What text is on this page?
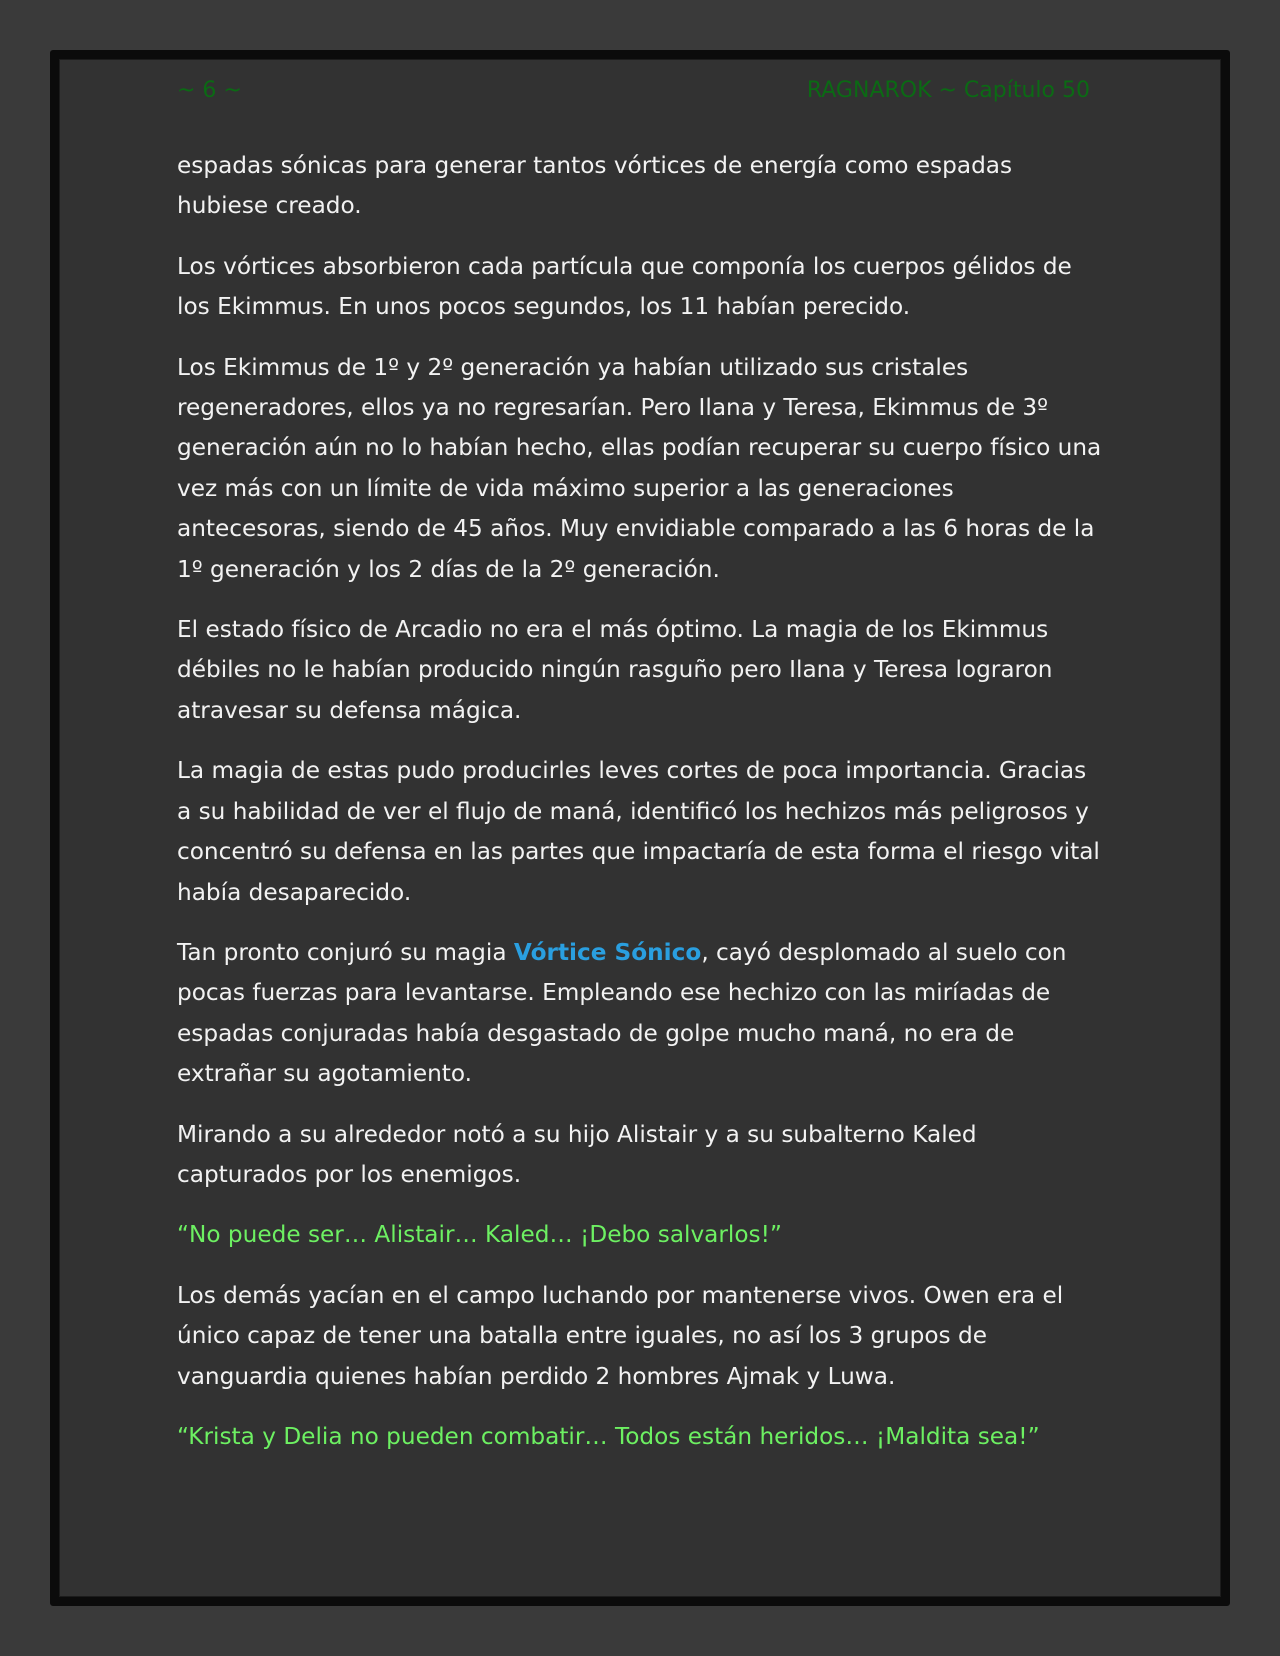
~ 6 ~	RAGNAROK ~ Capítulo 50

espadas sónicas para generar tantos vórtices de energía como espadas hubiese creado.

Los vórtices absorbieron cada partícula que componía los cuerpos gélidos de los Ekimmus. En unos pocos segundos, los 11 habían perecido.

Los Ekimmus de 1º y 2º generación ya habían utilizado sus cristales regeneradores, ellos ya no regresarían. Pero Ilana y Teresa, Ekimmus de 3º generación aún no lo habían hecho, ellas podían recuperar su cuerpo físico una vez más con un límite de vida máximo superior a las generaciones antecesoras, siendo de 45 años. Muy envidiable comparado a las 6 horas de la 1º generación y los 2 días de la 2º generación.

El estado físico de Arcadio no era el más óptimo. La magia de los Ekimmus débiles no le habían producido ningún rasguño pero Ilana y Teresa lograron atravesar su defensa mágica.

La magia de estas pudo producirles leves cortes de poca importancia. Gracias a su habilidad de ver el flujo de maná, identificó los hechizos más peligrosos y concentró su defensa en las partes que impactaría de esta forma el riesgo vital había desaparecido.

Tan pronto conjuró su magia Vórtice Sónico, cayó desplomado al suelo con pocas fuerzas para levantarse. Empleando ese hechizo con las miríadas de espadas conjuradas había desgastado de golpe mucho maná, no era de extrañar su agotamiento.

Mirando a su alrededor notó a su hijo Alistair y a su subalterno Kaled capturados por los enemigos.

“No puede ser… Alistair… Kaled… ¡Debo salvarlos!”

Los demás yacían en el campo luchando por mantenerse vivos. Owen era el único capaz de tener una batalla entre iguales, no así los 3 grupos de vanguardia quienes habían perdido 2 hombres Ajmak y Luwa.

“Krista y Delia no pueden combatir… Todos están heridos… ¡Maldita sea!”
